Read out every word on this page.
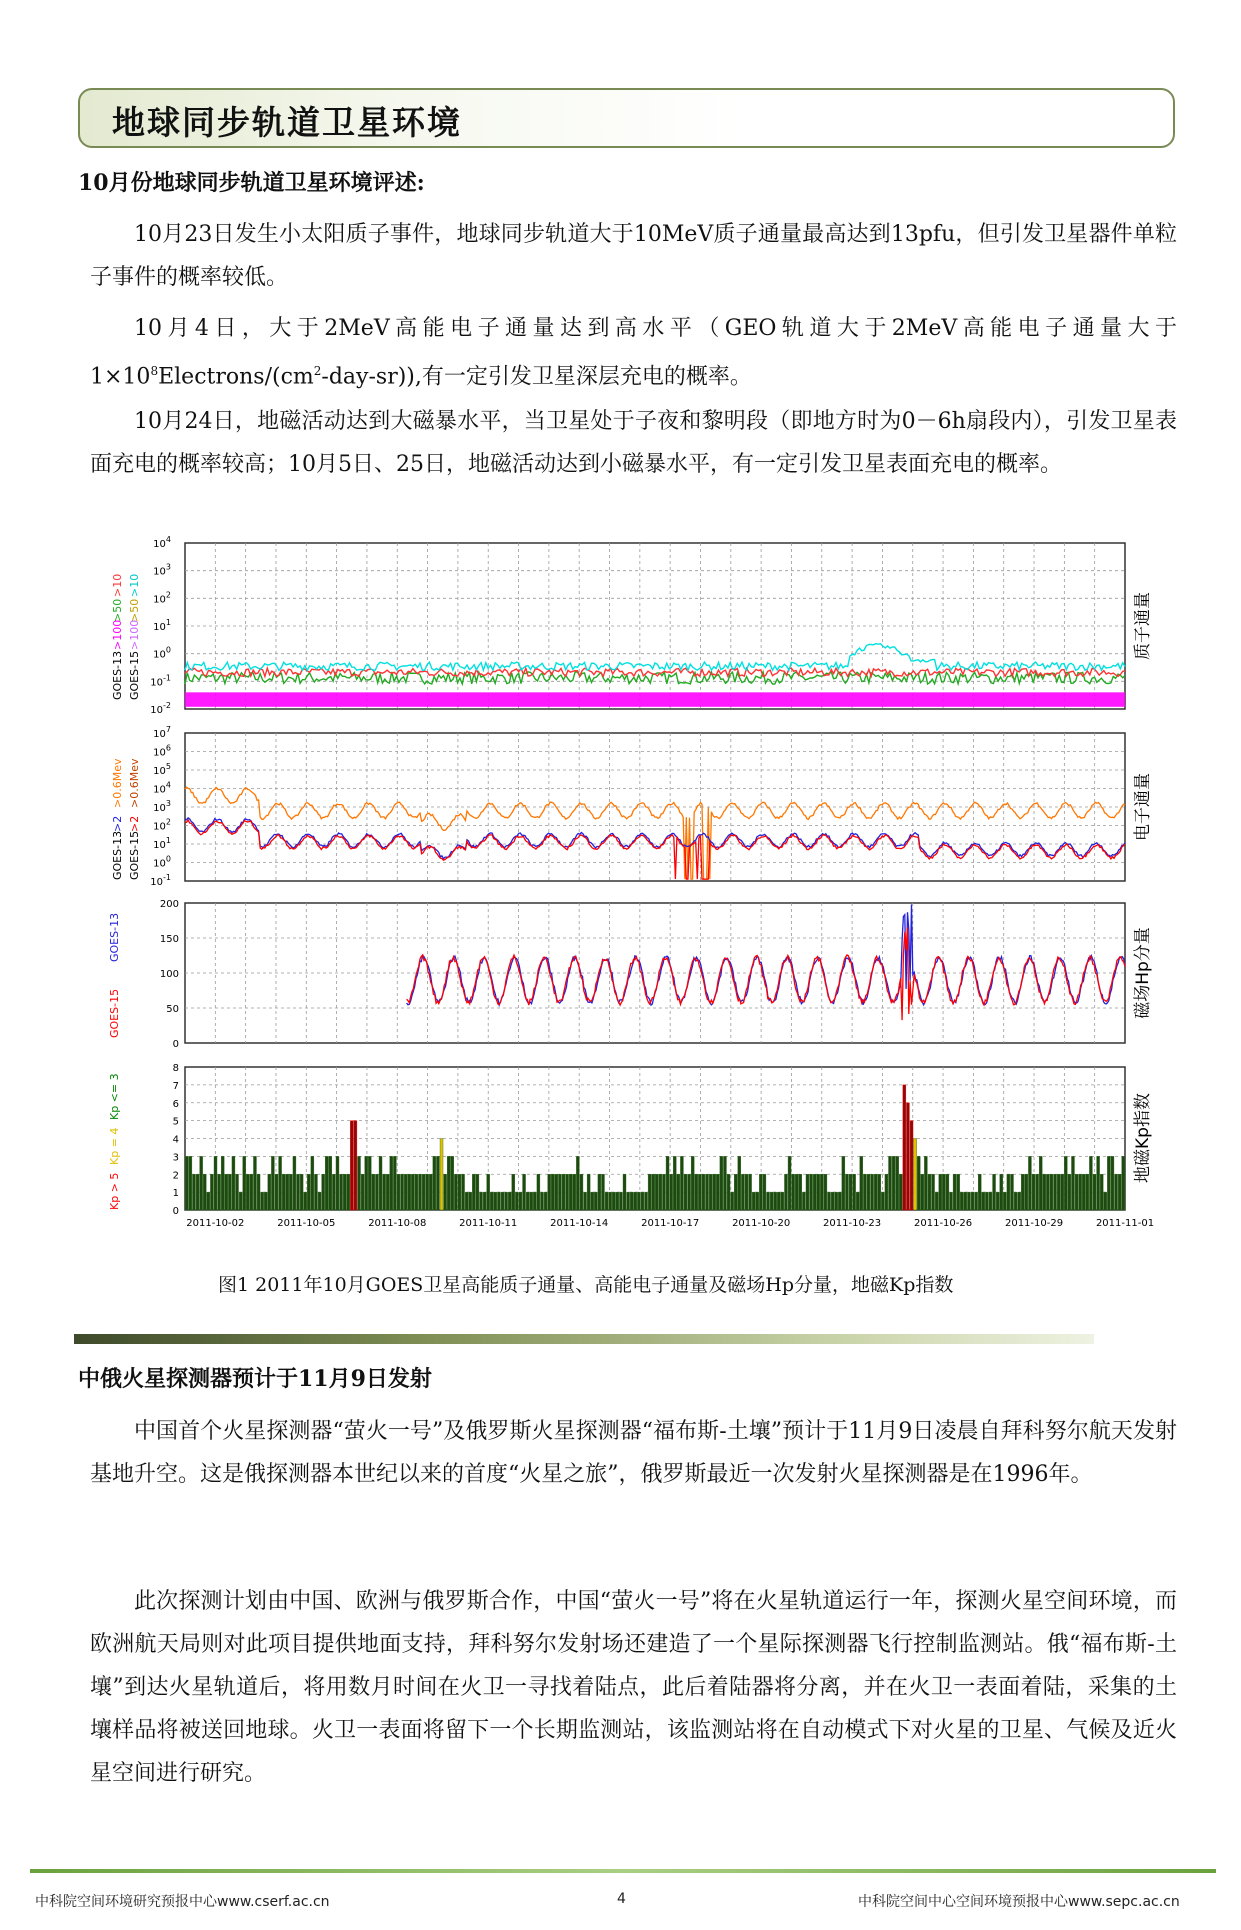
地球同步轨道卫星环境
10月份地球同步轨道卫星环境评述:
10月23日发生小太阳质子事件，地球同步轨道大于10MeV质子通量最高达到13pfu，但引发卫星器件单粒子事件的概率较低。
10月4日，大于2MeV高能电子通量达到高水平（GEO轨道大于2MeV高能电子通量大于$1\times 10^8Electrons/(cm^2-day-sr)$),有一定引发卫星深层充电的概率。
10月24日，地磁活动达到大磁暴水平，当卫星处于子夜和黎明段（即地方时为0－6h扇段内），引发卫星表面充电的概率较高；10月5日、25日，地磁活动达到小磁暴水平，有一定引发卫星表面充电的概率。
$10^{-2}$
$10^{-1}$
$10^0$
$10^1$
$10^2$
$10^3$
$10^4$
$10^{-1}$
$10^0$
$10^1$
$10^2$
$10^3$
$10^4$
$10^5$
$10^6$
$10^7$
0
50
100
150
200
0
1
2
3
4
5
6
7
8
2011-10-02	2011-10-05	2011-10-08	2011-10-11	2011-10-14	2011-10-17	2011-10-20	2011-10-23	2011-10-26	2011-10-29	2011-11-01
质子通量
电子通量
磁场Hp分量
地磁Kp指数
GOES-13
>100
>50
>10
GOES-15
>100
>50
>10
GOES-13
>2
>0.6Mev
GOES-15
>2
>0.6Mev
GOES-13
GOES-15
Kp > 5
Kp = 4
Kp <= 3
图1 2011年10月GOES卫星高能质子通量、高能电子通量及磁场Hp分量，地磁Kp指数
中俄火星探测器预计于11月9日发射
中国首个火星探测器“萤火一号”及俄罗斯火星探测器“福布斯-土壤”预计于11月9日凌晨自拜科努尔航天发射基地升空。这是俄探测器本世纪以来的首度“火星之旅”，俄罗斯最近一次发射火星探测器是在1996年。
此次探测计划由中国、欧洲与俄罗斯合作，中国“萤火一号”将在火星轨道运行一年，探测火星空间环境，而欧洲航天局则对此项目提供地面支持，拜科努尔发射场还建造了一个星际探测器飞行控制监测站。俄“福布斯-土壤”到达火星轨道后，将用数月时间在火卫一寻找着陆点，此后着陆器将分离，并在火卫一表面着陆，采集的土壤样品将被送回地球。火卫一表面将留下一个长期监测站，该监测站将在自动模式下对火星的卫星、气候及近火星空间进行研究。
中科院空间环境研究预报中心www.cserf.ac.cn	4	中科院空间中心空间环境预报中心www.sepc.ac.cn
